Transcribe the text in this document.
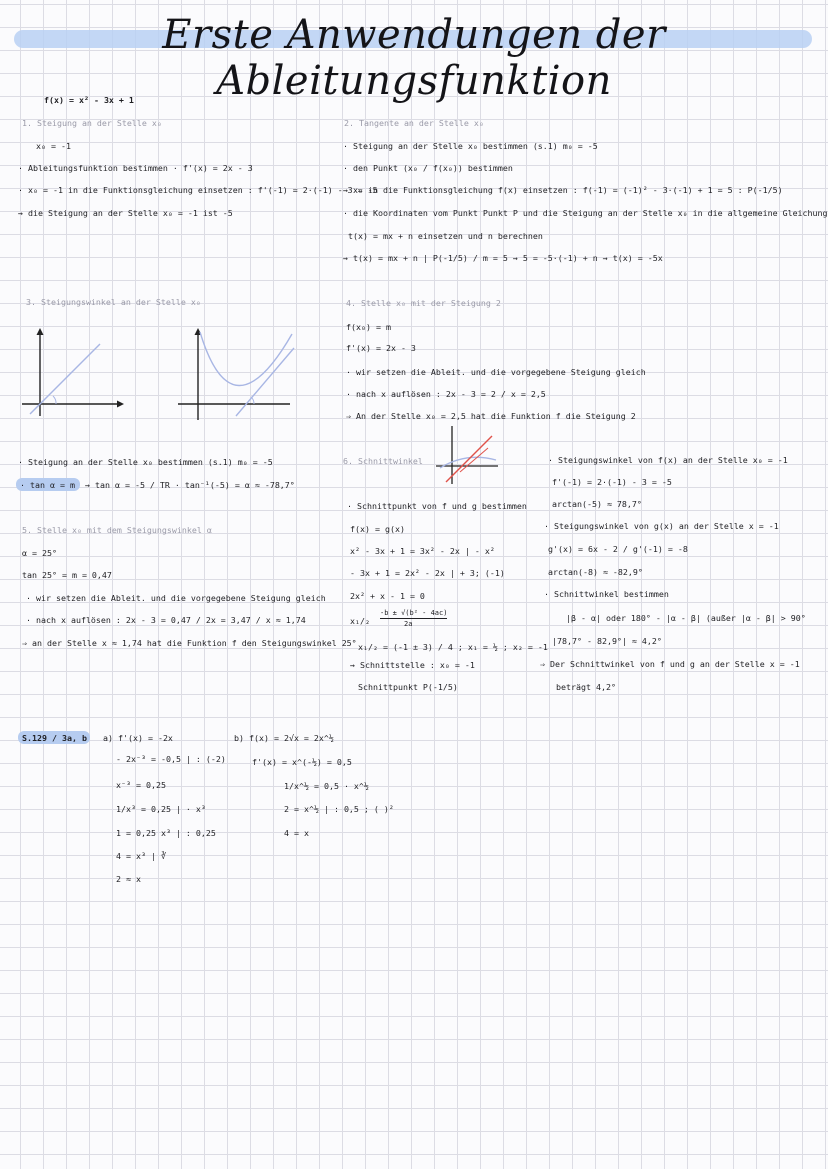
Erste Anwendungen der Ableitungsfunktion
f(x) = x² - 3x + 1
1. Steigung an der Stelle x₀
x₀ = -1
· Ableitungsfunktion bestimmen · f'(x) = 2x - 3
· x₀ = -1 in die Funktionsgleichung einsetzen : f'(-1) = 2·(-1) - 3 = -5
→ die Steigung an der Stelle x₀ = -1 ist -5
2. Tangente an der Stelle x₀
· Steigung an der Stelle x₀ bestimmen (s.1) m₀ = -5
· den Punkt (x₀ / f(x₀)) bestimmen
→ x₀ in die Funktionsgleichung f(x) einsetzen : f(-1) = (-1)² - 3·(-1) + 1 = 5 : P(-1/5)
· die Koordinaten vom Punkt Punkt P und die Steigung an der Stelle x₀ in die allgemeine Gleichung
t(x) = mx + n einsetzen und n berechnen
→ t(x) = mx + n | P(-1/5) / m = 5 → 5 = -5·(-1) + n → t(x) = -5x
3. Steigungswinkel an der Stelle x₀
· Steigung an der Stelle x₀ bestimmen (s.1) m₀ = -5
· tan α = m → tan α = -5 / TR · tan⁻¹(-5) = α ≈ -78,7°
4. Stelle x₀ mit der Steigung 2
f(x₀) = m
f'(x) = 2x - 3
· wir setzen die Ableit. und die vorgegebene Steigung gleich
· nach x auflösen : 2x - 3 = 2 / x = 2,5
⇒ An der Stelle x₀ = 2,5 hat die Funktion f die Steigung 2
6. Schnittwinkel
· Schnittpunkt von f und g bestimmen
f(x) = g(x)
x² - 3x + 1 = 3x² - 2x | - x²
- 3x + 1 = 2x² - 2x | + 3; (-1)
2x² + x - 1 = 0
x₁/₂
-b ± √(b² - 4ac)
2a
x₁/₂ = (-1 ± 3) / 4 ; x₁ = ½ ; x₂ = -1
→ Schnittstelle : x₀ = -1
Schnittpunkt P(-1/5)
· Steigungswinkel von f(x) an der Stelle x₀ = -1
f'(-1) = 2·(-1) - 3 = -5
arctan(-5) ≈ 78,7°
· Steigungswinkel von g(x) an der Stelle x = -1
g'(x) = 6x - 2 / g'(-1) = -8
arctan(-8) ≈ -82,9°
· Schnittwinkel bestimmen
|β - α| oder 180° - |α - β| (außer |α - β| > 90°
|78,7° - 82,9°| ≈ 4,2°
⇒ Der Schnittwinkel von f und g an der Stelle x = -1
beträgt 4,2°
5. Stelle x₀ mit dem Steigungswinkel α
α = 25°
tan 25° = m = 0,47
· wir setzen die Ableit. und die vorgegebene Steigung gleich
· nach x auflösen : 2x - 3 = 0,47 / 2x = 3,47 / x ≈ 1,74
⇒ an der Stelle x ≈ 1,74 hat die Funktion f den Steigungswinkel 25°
S.129 / 3a, b a) f'(x) = -2x
- 2x⁻³ = -0,5 | : (-2)
x⁻³ = 0,25
1/x³ = 0,25 | · x³
1 = 0,25 x³ | : 0,25
4 = x³ | ∛
2 ≈ x
b) f(x) = 2√x = 2x^½
f'(x) = x^(-½) = 0,5
1/x^½ = 0,5 · x^½
2 = x^½ | : 0,5 ; ( )²
4 = x
